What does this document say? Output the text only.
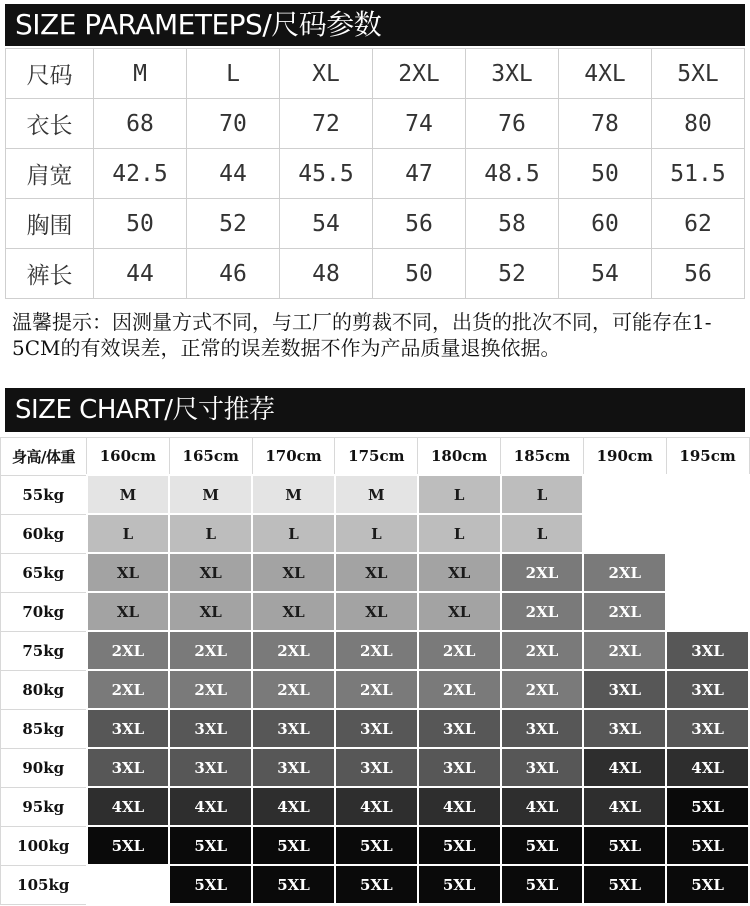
SIZE PARAMETEPS/尺码参数
尺码	M	L	XL	2XL	3XL	4XL	5XL
衣长	68	70	72	74	76	78	80
肩宽	42.5	44	45.5	47	48.5	50	51.5
胸围	50	52	54	56	58	60	62
裤长	44	46	48	50	52	54	56

温馨提示：因测量方式不同，与工厂的剪裁不同，出货的批次不同，可能存在1-5CM的有效误差，正常的误差数据不作为产品质量退换依据。

SIZE CHART/尺寸推荐
身高/体重	160cm	165cm	170cm	175cm	180cm	185cm	190cm	195cm
55kg	M	M	M	M	L	L		
60kg	L	L	L	L	L	L		
65kg	XL	XL	XL	XL	XL	2XL	2XL	
70kg	XL	XL	XL	XL	XL	2XL	2XL	
75kg	2XL	2XL	2XL	2XL	2XL	2XL	2XL	3XL
80kg	2XL	2XL	2XL	2XL	2XL	2XL	3XL	3XL
85kg	3XL	3XL	3XL	3XL	3XL	3XL	3XL	3XL
90kg	3XL	3XL	3XL	3XL	3XL	3XL	4XL	4XL
95kg	4XL	4XL	4XL	4XL	4XL	4XL	4XL	5XL
100kg	5XL	5XL	5XL	5XL	5XL	5XL	5XL	5XL
105kg		5XL	5XL	5XL	5XL	5XL	5XL	5XL
